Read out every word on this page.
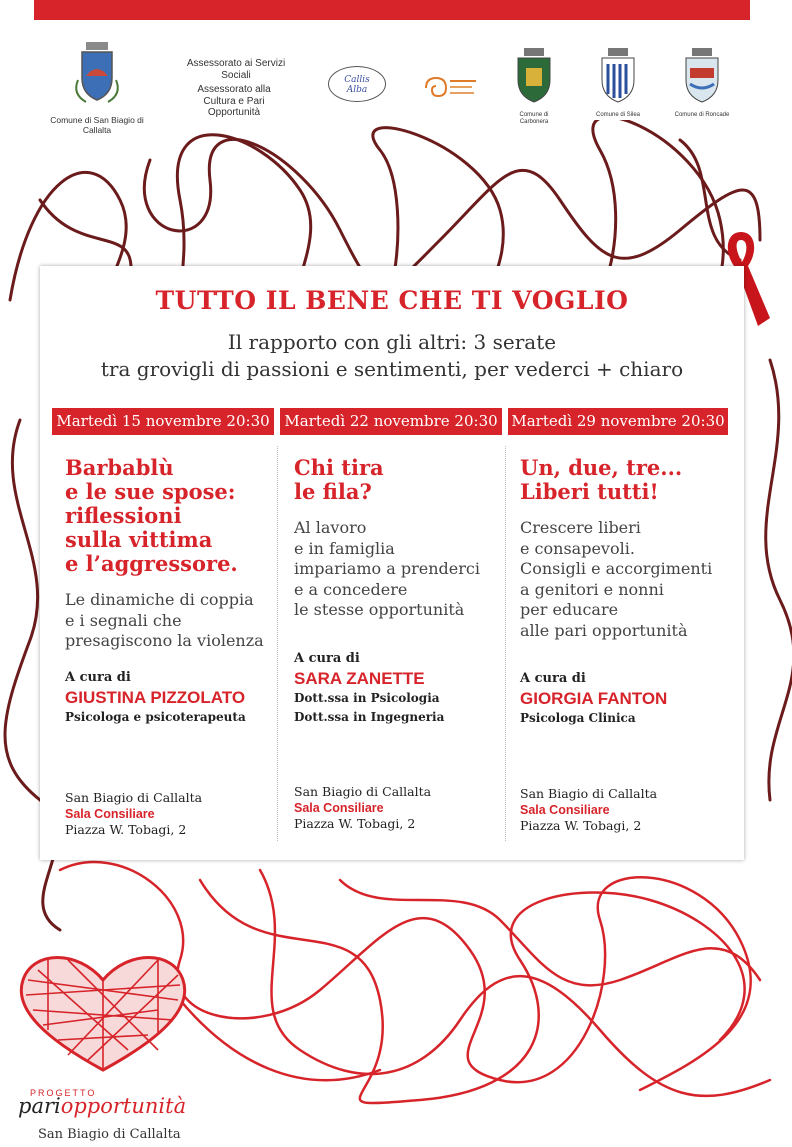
Comune di San Biagio di Callalta
Assessorato ai Servizi Sociali
Assessorato alla Cultura e Pari Opportunità
Callis Alba
Comune di Carbonera
Comune di Silea	Comune di Roncade
TUTTO IL BENE CHE TI VOGLIO
Il rapporto con gli altri: 3 serate
tra grovigli di passioni e sentimenti, per vederci + chiaro
Martedì 15 novembre 20:30 Martedì 22 novembre 20:30 Martedì 29 novembre 20:30
Barbablù
e le sue spose:
riflessioni
sulla vittima
e l’aggressore.
Le dinamiche di coppia
e i segnali che
presagiscono la violenza
A cura di
GIUSTINA PIZZOLATO
Psicologa e psicoterapeuta
San Biagio di Callalta
Sala Consiliare
Piazza W. Tobagi, 2
Chi tira
le fila?
Al lavoro
e in famiglia
impariamo a prenderci
e a concedere
le stesse opportunità
A cura di
SARA ZANETTE
Dott.ssa in Psicologia
Dott.ssa in Ingegneria
San Biagio di Callalta
Sala Consiliare
Piazza W. Tobagi, 2
Un, due, tre...
Liberi tutti!
Crescere liberi
e consapevoli.
Consigli e accorgimenti
a genitori e nonni
per educare
alle pari opportunità
A cura di
GIORGIA FANTON
Psicologa Clinica
San Biagio di Callalta
Sala Consiliare
Piazza W. Tobagi, 2
PROGETTO
pariopportunità
San Biagio di Callalta
